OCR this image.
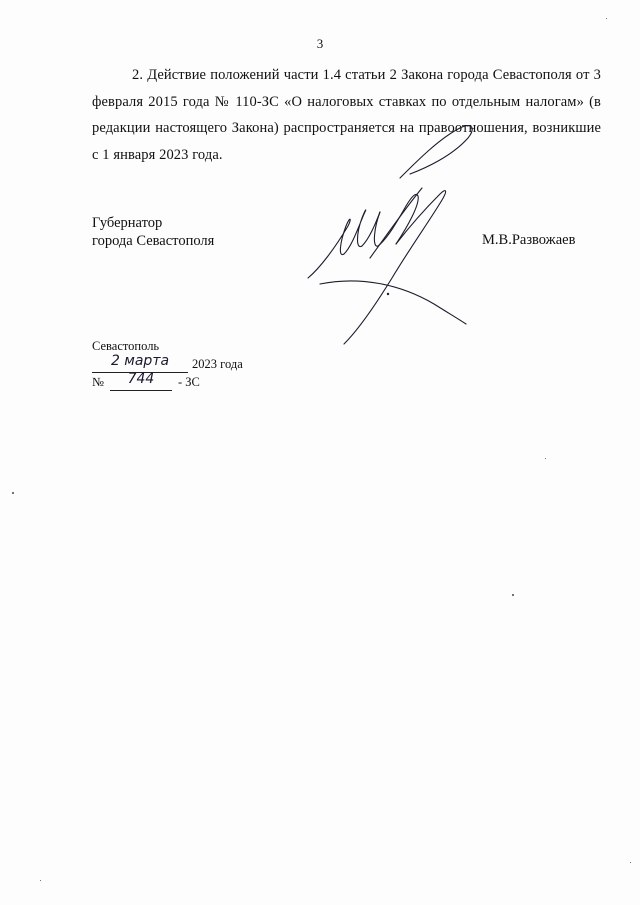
3

2. Действие положений части 1.4 статьи 2 Закона города Севастополя от 3 февраля 2015 года № 110-ЗС «О налоговых ставках по отдельным налогам» (в редакции настоящего Закона) распространяется на правоотношения, возникшие с 1 января 2023 года.

Губернатор
города Севастополя	М.В.Развожаев
Севастополь
2 марта	2023 года
№	744	- ЗС
